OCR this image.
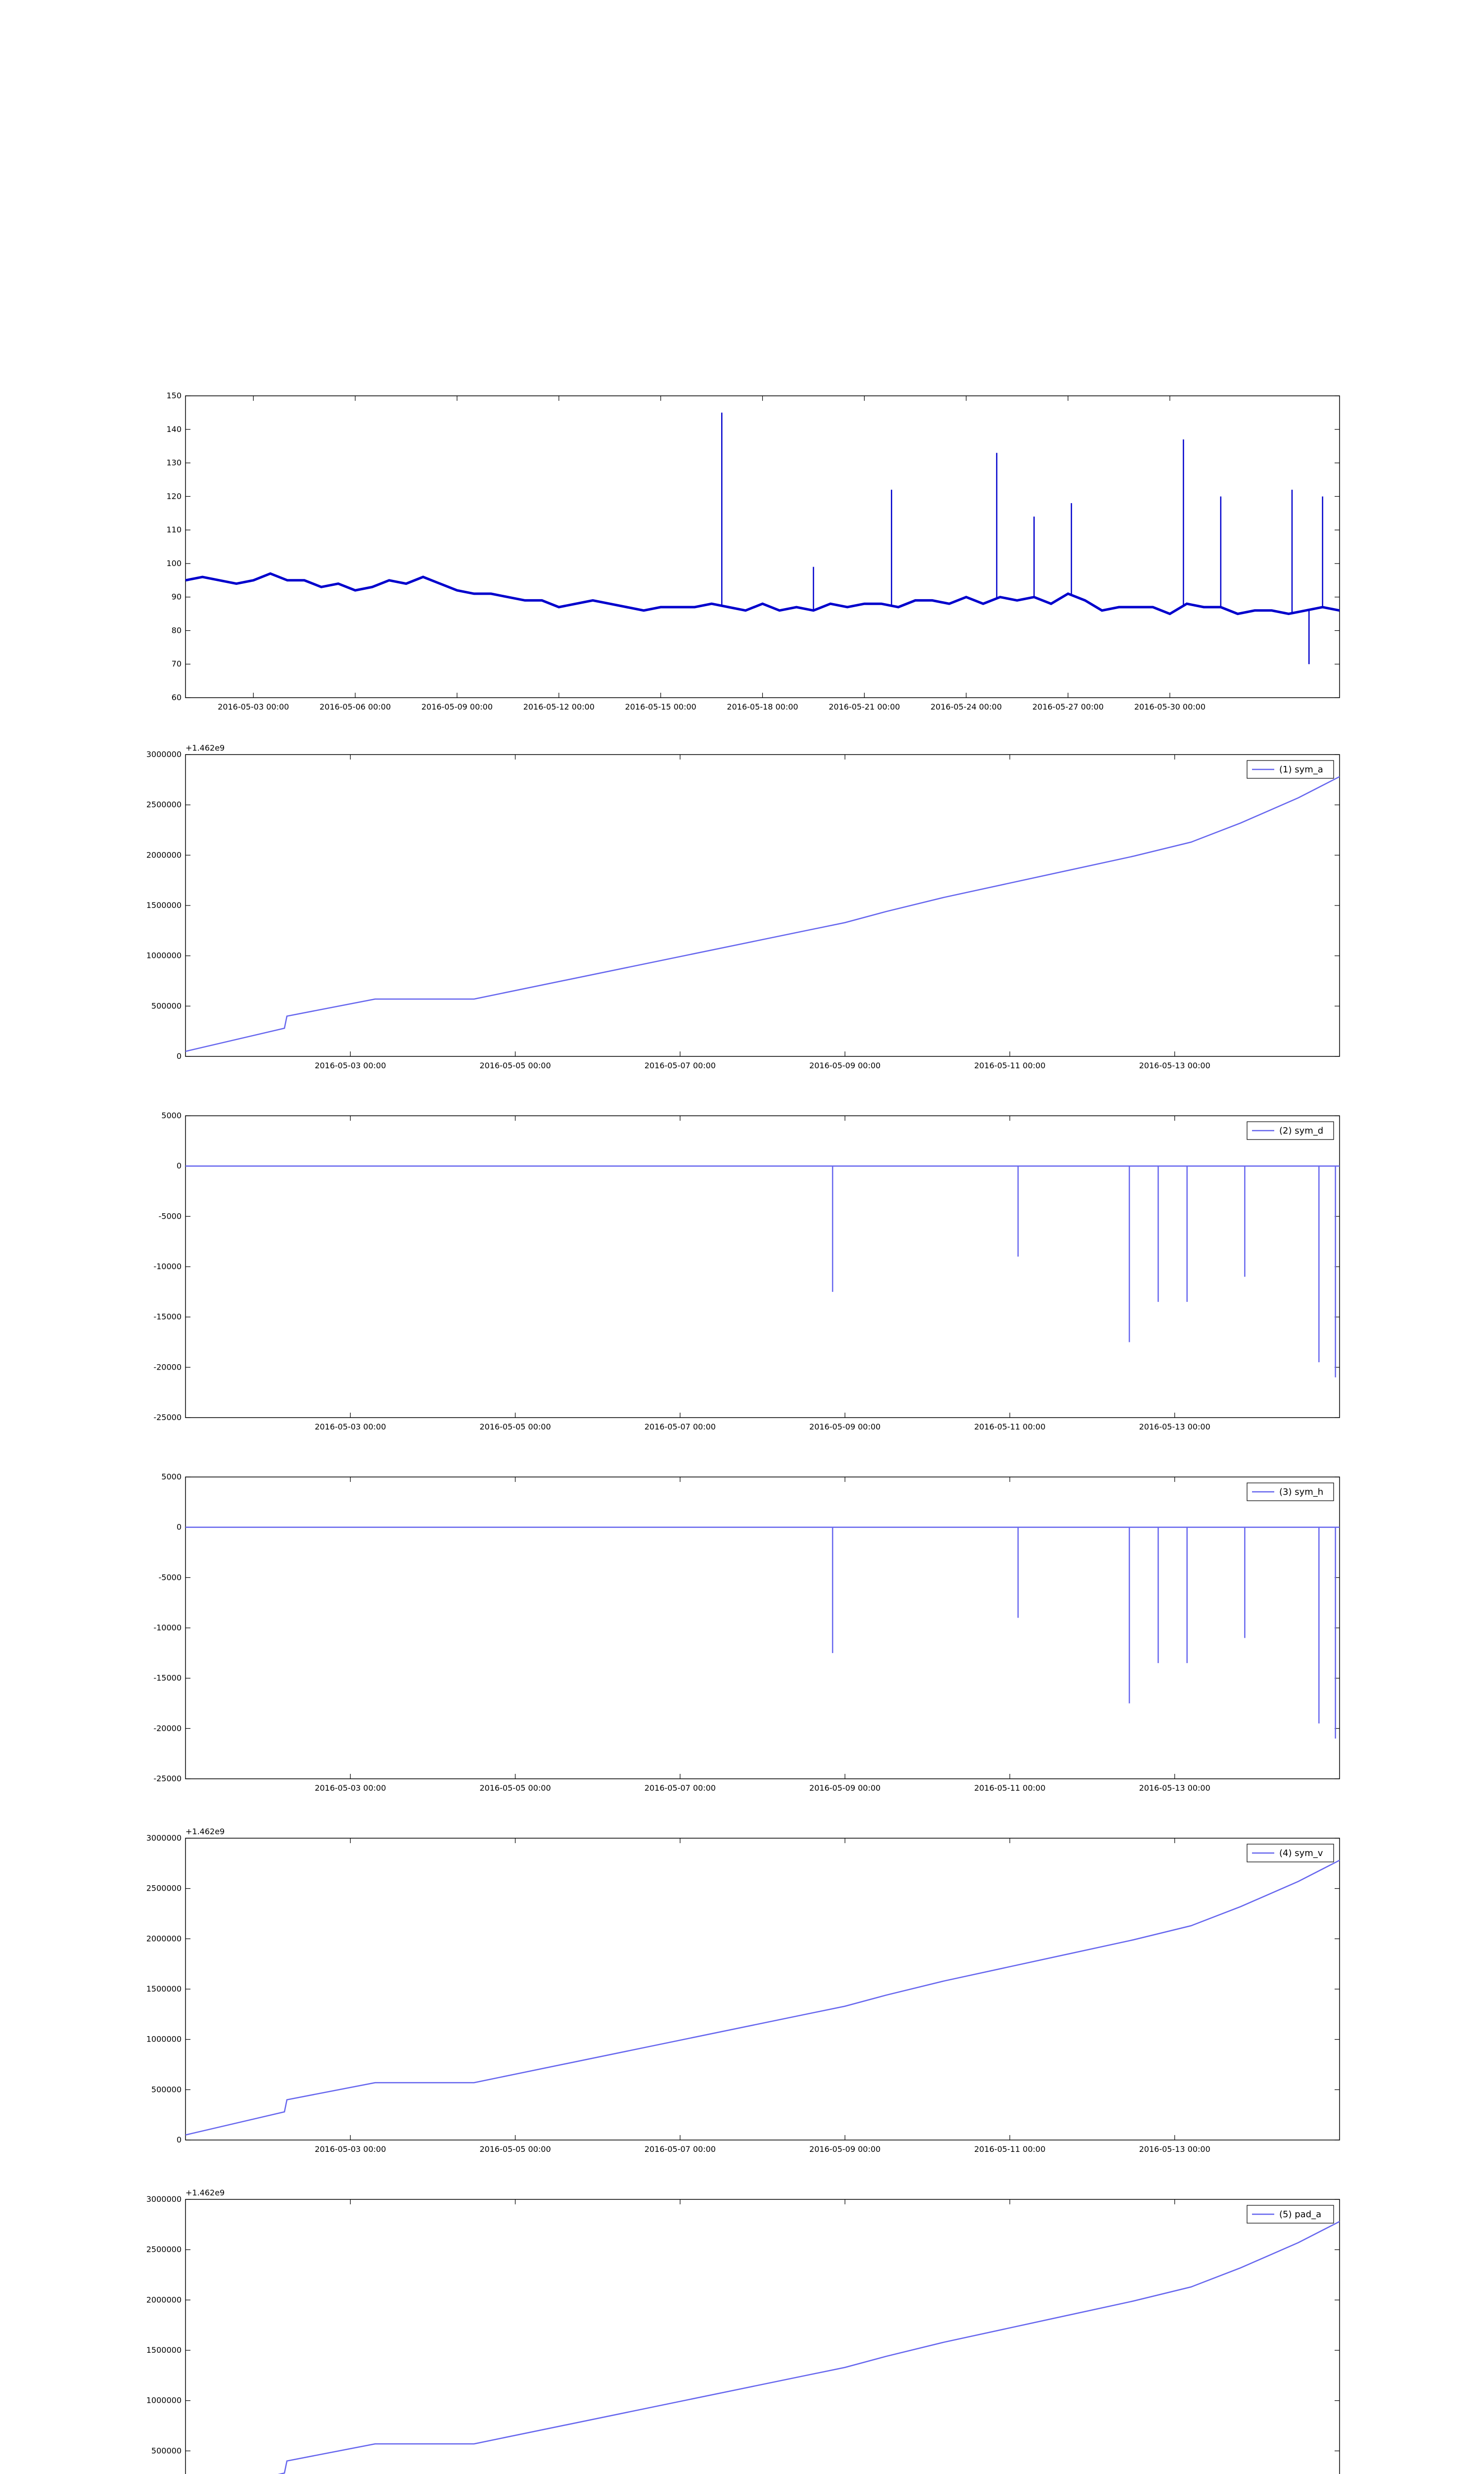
60
70
80
90
100
110
120
130
140
150
2016-05-03 00:00	2016-05-06 00:00	2016-05-09 00:00	2016-05-12 00:00	2016-05-15 00:00	2016-05-18 00:00	2016-05-21 00:00	2016-05-24 00:00	2016-05-27 00:00	2016-05-30 00:00
0
500000
1000000
1500000
2000000
2500000
3000000
2016-05-03 00:00	2016-05-05 00:00	2016-05-07 00:00	2016-05-09 00:00	2016-05-11 00:00	2016-05-13 00:00
+1.462e9
(1) sym_a
-25000
-20000
-15000
-10000
-5000
0
5000
2016-05-03 00:00	2016-05-05 00:00	2016-05-07 00:00	2016-05-09 00:00	2016-05-11 00:00	2016-05-13 00:00
(2) sym_d
-25000
-20000
-15000
-10000
-5000
0
5000
2016-05-03 00:00	2016-05-05 00:00	2016-05-07 00:00	2016-05-09 00:00	2016-05-11 00:00	2016-05-13 00:00
(3) sym_h
0
500000
1000000
1500000
2000000
2500000
3000000
2016-05-03 00:00	2016-05-05 00:00	2016-05-07 00:00	2016-05-09 00:00	2016-05-11 00:00	2016-05-13 00:00
+1.462e9
(4) sym_v
500000
1000000
1500000
2000000
2500000
3000000
+1.462e9
(5) pad_a
